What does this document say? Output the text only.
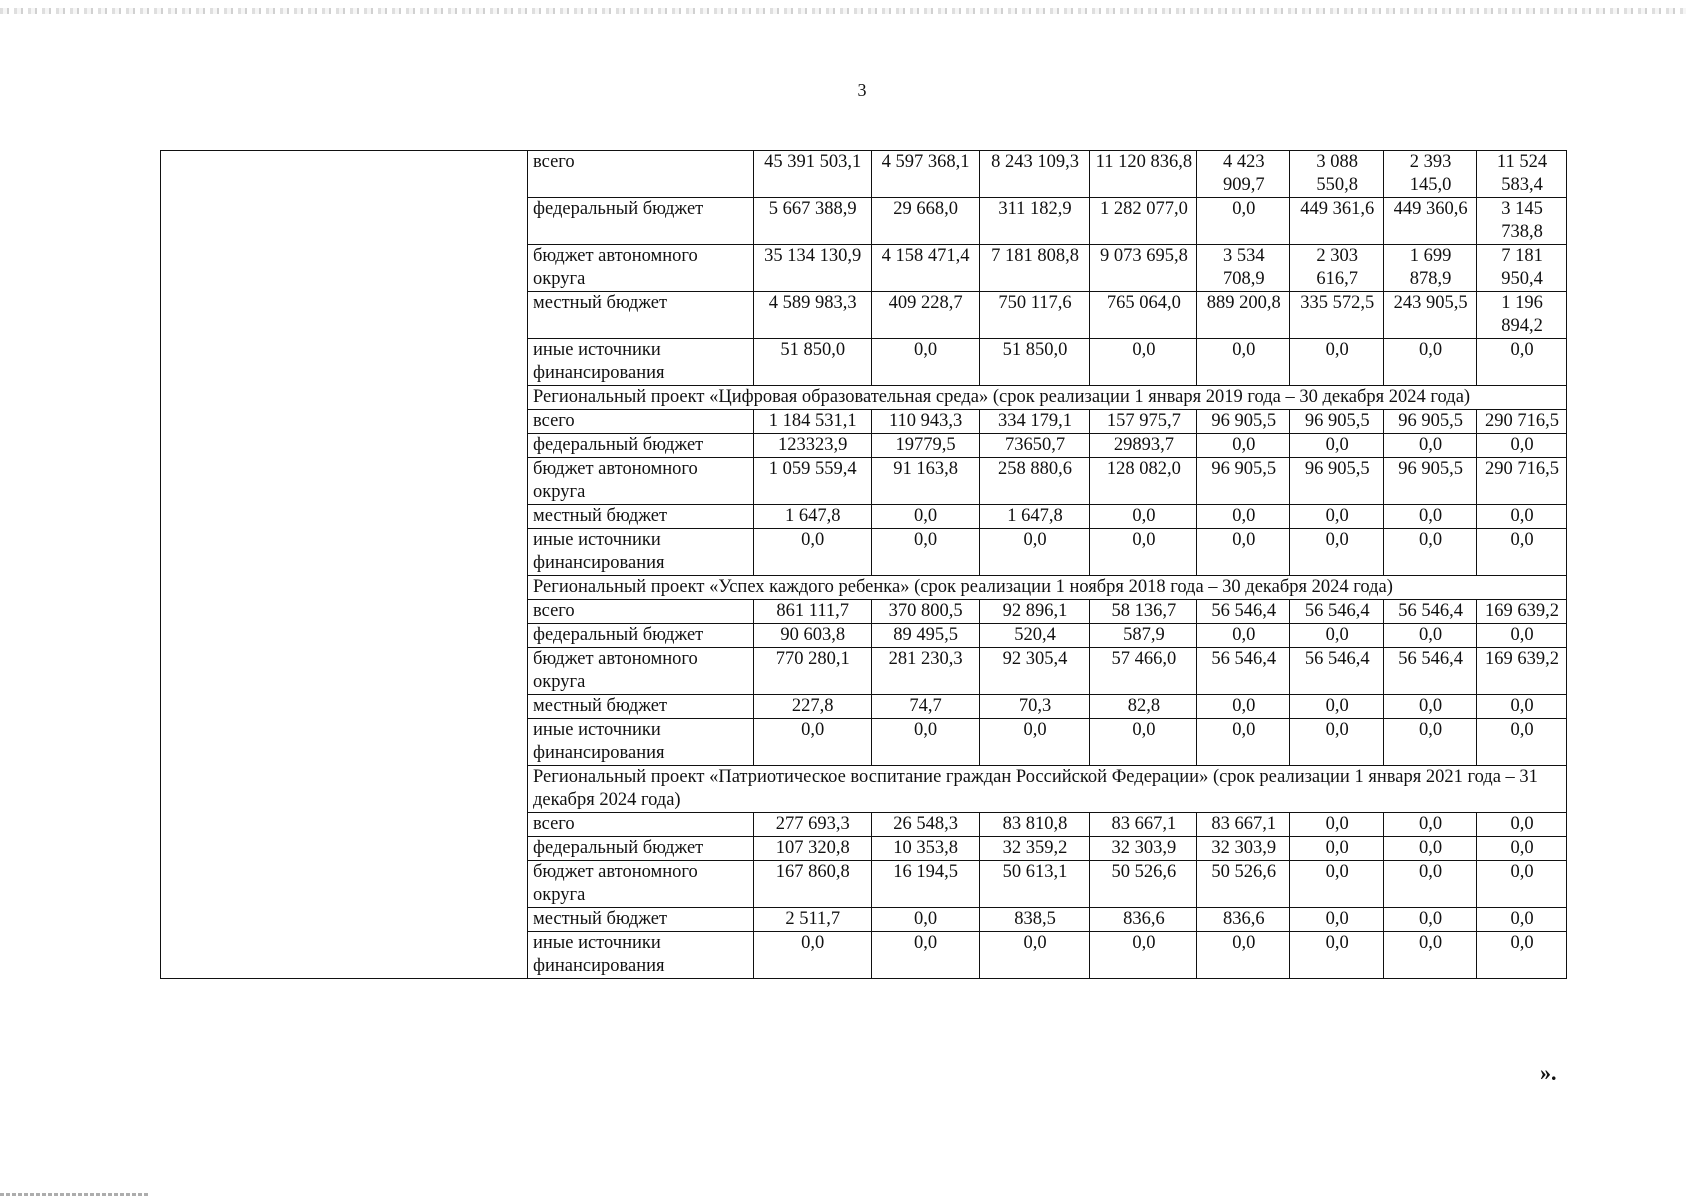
3
всего	45 391 503,1	4 597 368,1	8 243 109,3	11 120 836,8	4 423 909,7	3 088 550,8	2 393 145,0	11 524 583,4
федеральный бюджет	5 667 388,9	29 668,0	311 182,9	1 282 077,0	0,0	449 361,6	449 360,6	3 145 738,8
бюджет автономного округа	35 134 130,9	4 158 471,4	7 181 808,8	9 073 695,8	3 534 708,9	2 303 616,7	1 699 878,9	7 181 950,4
местный бюджет	4 589 983,3	409 228,7	750 117,6	765 064,0	889 200,8	335 572,5	243 905,5	1 196 894,2
иные источники финансирования	51 850,0	0,0	51 850,0	0,0	0,0	0,0	0,0	0,0
Региональный проект «Цифровая образовательная среда» (срок реализации 1 января 2019 года – 30 декабря 2024 года)								
всего	1 184 531,1	110 943,3	334 179,1	157 975,7	96 905,5	96 905,5	96 905,5	290 716,5
федеральный бюджет	123323,9	19779,5	73650,7	29893,7	0,0	0,0	0,0	0,0
бюджет автономного округа	1 059 559,4	91 163,8	258 880,6	128 082,0	96 905,5	96 905,5	96 905,5	290 716,5
местный бюджет	1 647,8	0,0	1 647,8	0,0	0,0	0,0	0,0	0,0
иные источники финансирования	0,0	0,0	0,0	0,0	0,0	0,0	0,0	0,0
Региональный проект «Успех каждого ребенка» (срок реализации 1 ноября 2018 года – 30 декабря 2024 года)								
всего	861 111,7	370 800,5	92 896,1	58 136,7	56 546,4	56 546,4	56 546,4	169 639,2
федеральный бюджет	90 603,8	89 495,5	520,4	587,9	0,0	0,0	0,0	0,0
бюджет автономного округа	770 280,1	281 230,3	92 305,4	57 466,0	56 546,4	56 546,4	56 546,4	169 639,2
местный бюджет	227,8	74,7	70,3	82,8	0,0	0,0	0,0	0,0
иные источники финансирования	0,0	0,0	0,0	0,0	0,0	0,0	0,0	0,0
Региональный проект «Патриотическое воспитание граждан Российской Федерации» (срок реализации 1 января 2021 года – 31 декабря 2024 года)								
всего	277 693,3	26 548,3	83 810,8	83 667,1	83 667,1	0,0	0,0	0,0
федеральный бюджет	107 320,8	10 353,8	32 359,2	32 303,9	32 303,9	0,0	0,0	0,0
бюджет автономного округа	167 860,8	16 194,5	50 613,1	50 526,6	50 526,6	0,0	0,0	0,0
местный бюджет	2 511,7	0,0	838,5	836,6	836,6	0,0	0,0	0,0
иные источники финансирования	0,0	0,0	0,0	0,0	0,0	0,0	0,0	0,0
».
